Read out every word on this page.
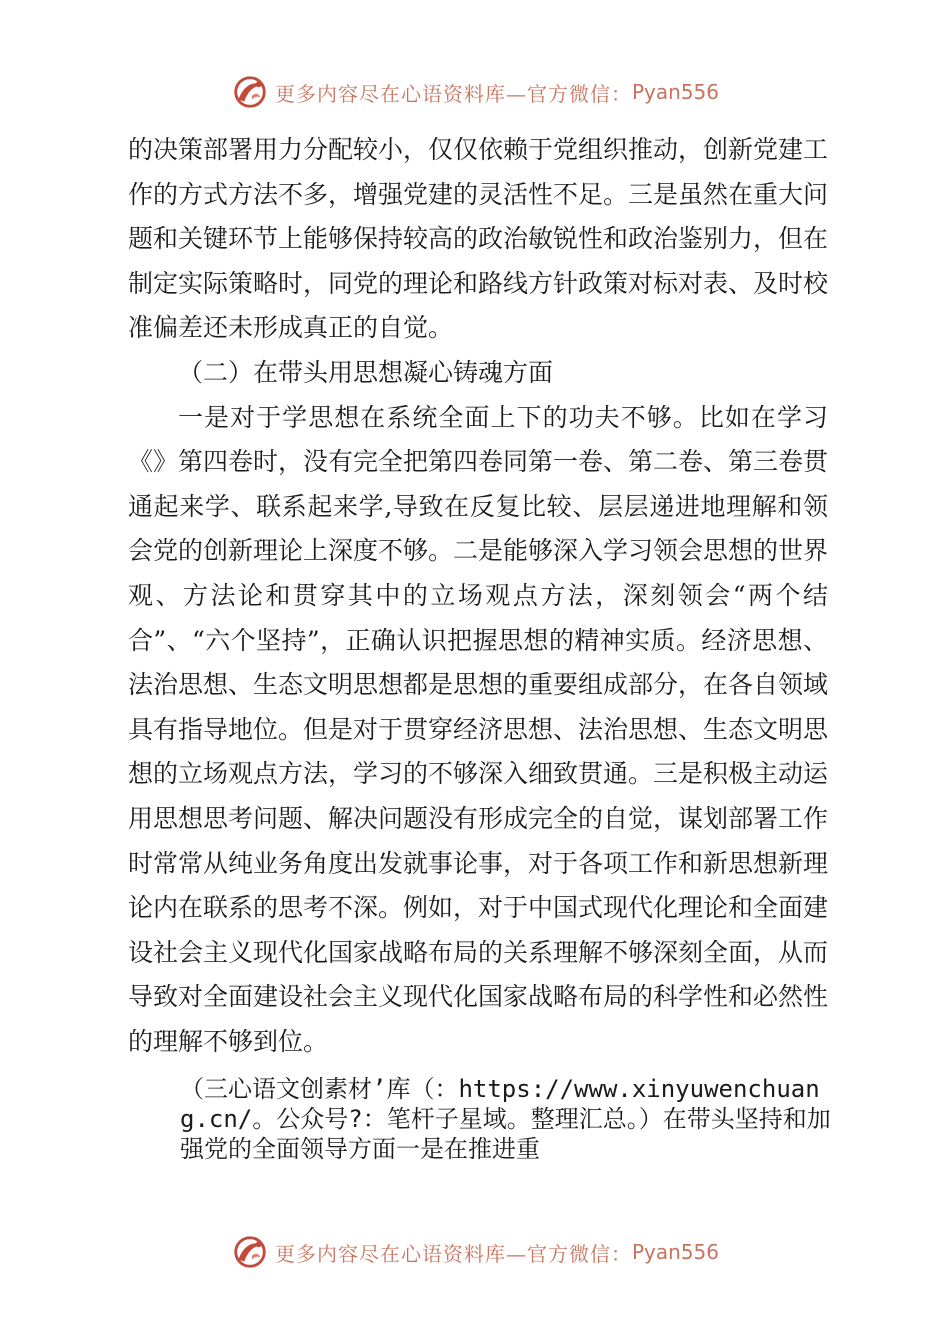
更多内容尽在心语资料库—官方微信： Pyan556

的决策部署用力分配较小，仅仅依赖于党组织推动，创新党建工作的方式方法不多，增强党建的灵活性不足。三是虽然在重大问题和关键环节上能够保持较高的政治敏锐性和政治鉴别力，但在制定实际策略时，同党的理论和路线方针政策对标对表、及时校准偏差还未形成真正的自觉。

（二）在带头用思想凝心铸魂方面

一是对于学思想在系统全面上下的功夫不够。比如在学习《》第四卷时，没有完全把第四卷同第一卷、第二卷、第三卷贯通起来学、联系起来学,导致在反复比较、层层递进地理解和领会党的创新理论上深度不够。二是能够深入学习领会思想的世界观、方法论和贯穿其中的立场观点方法，深刻领会“两个结合”、“六个坚持”，正确认识把握思想的精神实质。经济思想、法治思想、生态文明思想都是思想的重要组成部分，在各自领域具有指导地位。但是对于贯穿经济思想、法治思想、生态文明思想的立场观点方法，学习的不够深入细致贯通。三是积极主动运用思想思考问题、解决问题没有形成完全的自觉，谋划部署工作时常常从纯业务角度出发就事论事，对于各项工作和新思想新理论内在联系的思考不深。例如，对于中国式现代化理论和全面建设社会主义现代化国家战略布局的关系理解不够深刻全面，从而导致对全面建设社会主义现代化国家战略布局的科学性和必然性的理解不够到位。

（三心语文创素材’库（：https://www.xinyuwenchuang.cn/。公众号?：笔杆子星域。整理汇总。）在带头坚持和加强党的全面领导方面一是在推进重

更多内容尽在心语资料库—官方微信： Pyan556
